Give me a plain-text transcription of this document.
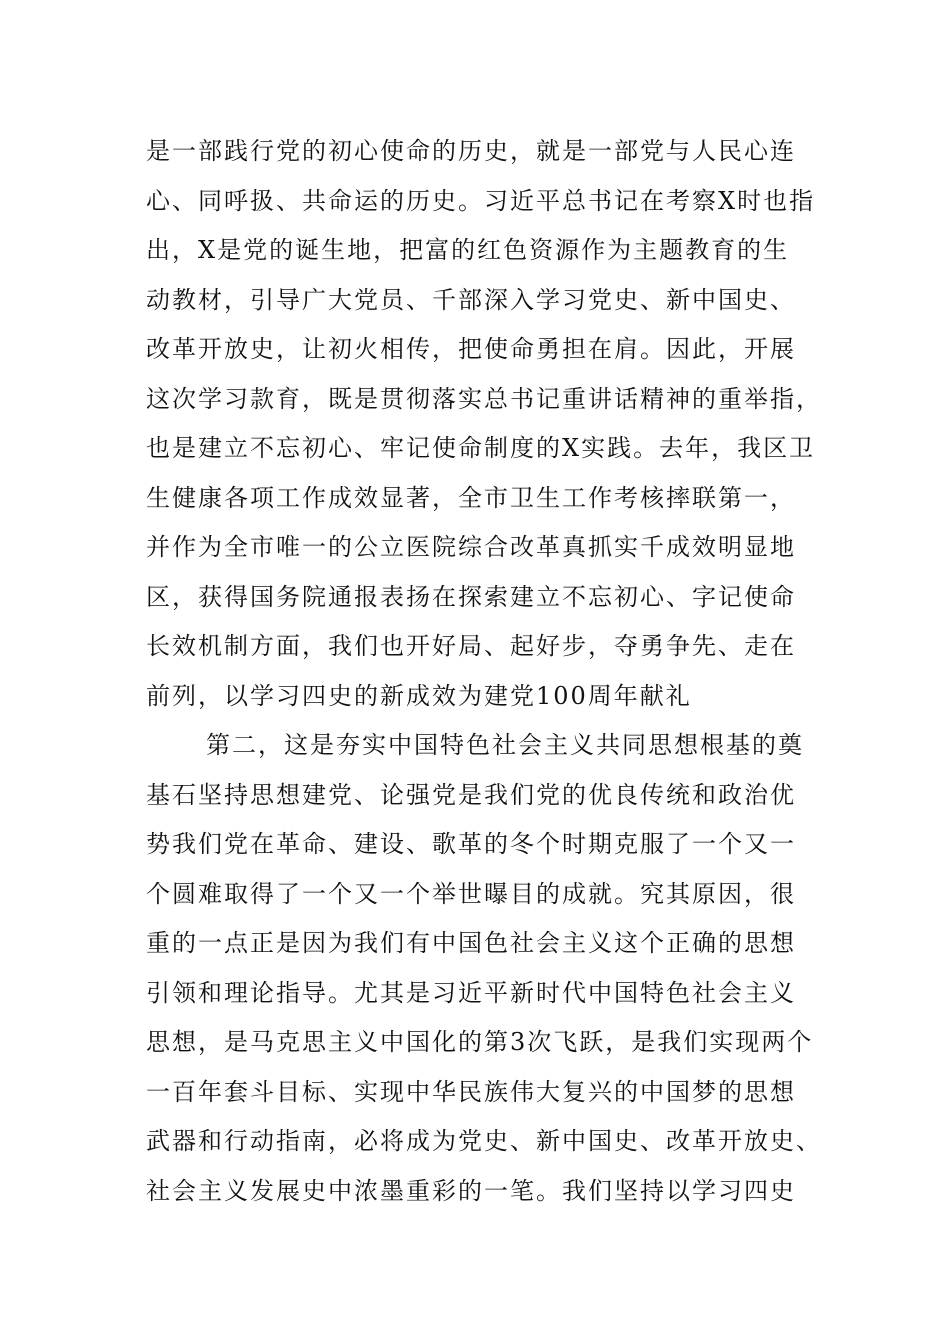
是一部践行党的初心使命的历史，就是一部党与人民心连
心、同呼扱、共命运的历史。习近平总书记在考察X时也指
出，X是党的诞生地，把富的红色资源作为主题教育的生
动教材，引导广大党员、千部深入学习党史、新中国史、
改革开放史，让初火相传，把使命勇担在肩。因此，开展
这次学习款育，既是贯彻落实总书记重讲话精神的重举指，
也是建立不忘初心、牢记使命制度的X实践。去年，我区卫
生健康各项工作成效显著，全市卫生工作考核摔联第一，
并作为全市唯一的公立医院综合改革真抓实千成效明显地
区，获得国务院通报表扬在探索建立不忘初心、字记使命
长效机制方面，我们也开好局、起好步，夺勇争先、走在
前列，以学习四史的新成效为建党100周年献礼
第二，这是夯实中国特色社会主义共同思想根基的奠
基石坚持思想建党、论强党是我们党的优良传统和政治优
势我们党在革命、建设、歌革的冬个时期克服了一个又一
个圆难取得了一个又一个举世曝目的成就。究其原因，很
重的一点正是因为我们有中国色社会主义这个正确的思想
引领和理论指导。尤其是习近平新时代中国特色社会主义
思想，是马克思主义中国化的第3次飞跃，是我们实现两个
一百年套斗目标、实现中华民族伟大复兴的中国梦的思想
武器和行动指南，必将成为党史、新中国史、改革开放史、
社会主义发展史中浓墨重彩的一笔。我们坚持以学习四史
